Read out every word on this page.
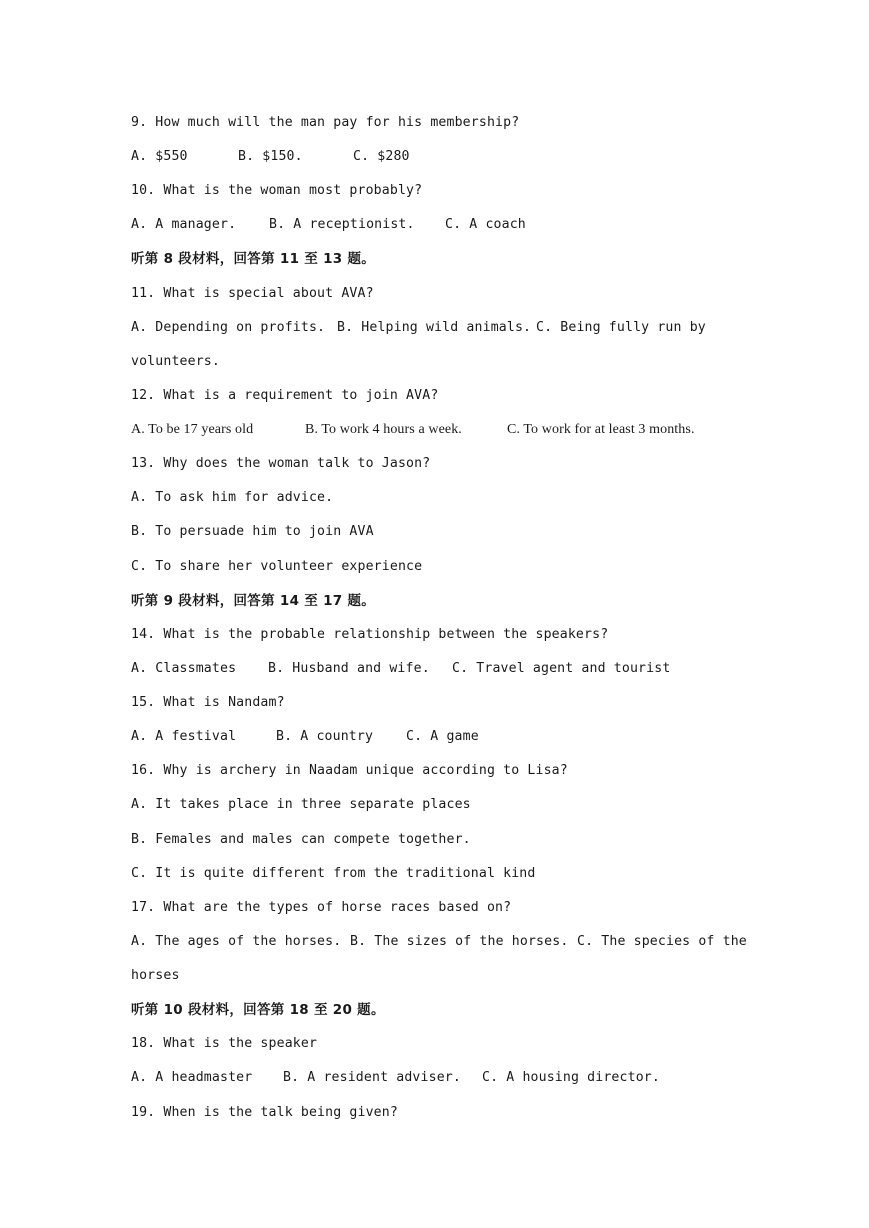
9. How much will the man pay for his membership?
A. $550	B. $150.	C. $280
10. What is the woman most probably?
A. A manager. B. A receptionist. C. A coach
听第 8 段材料，回答第 11 至 13 题。
11. What is special about AVA?
A. Depending on profits. B. Helping wild animals. C. Being fully run by
volunteers.
12. What is a requirement to join AVA?
A. To be 17 years old	B. To work 4 hours a week.	C. To work for at least 3 months.
13. Why does the woman talk to Jason?
A. To ask him for advice.
B. To persuade him to join AVA
C. To share her volunteer experience
听第 9 段材料，回答第 14 至 17 题。
14. What is the probable relationship between the speakers?
A. Classmates B. Husband and wife. C. Travel agent and tourist
15. What is Nandam?
A. A festival	B. A country C. A game
16. Why is archery in Naadam unique according to Lisa?
A. It takes place in three separate places
B. Females and males can compete together.
C. It is quite different from the traditional kind
17. What are the types of horse races based on?
A. The ages of the horses. B. The sizes of the horses. C. The species of the
horses
听第 10 段材料，回答第 18 至 20 题。
18. What is the speaker
A. A headmaster B. A resident adviser. C. A housing director.
19. When is the talk being given?
